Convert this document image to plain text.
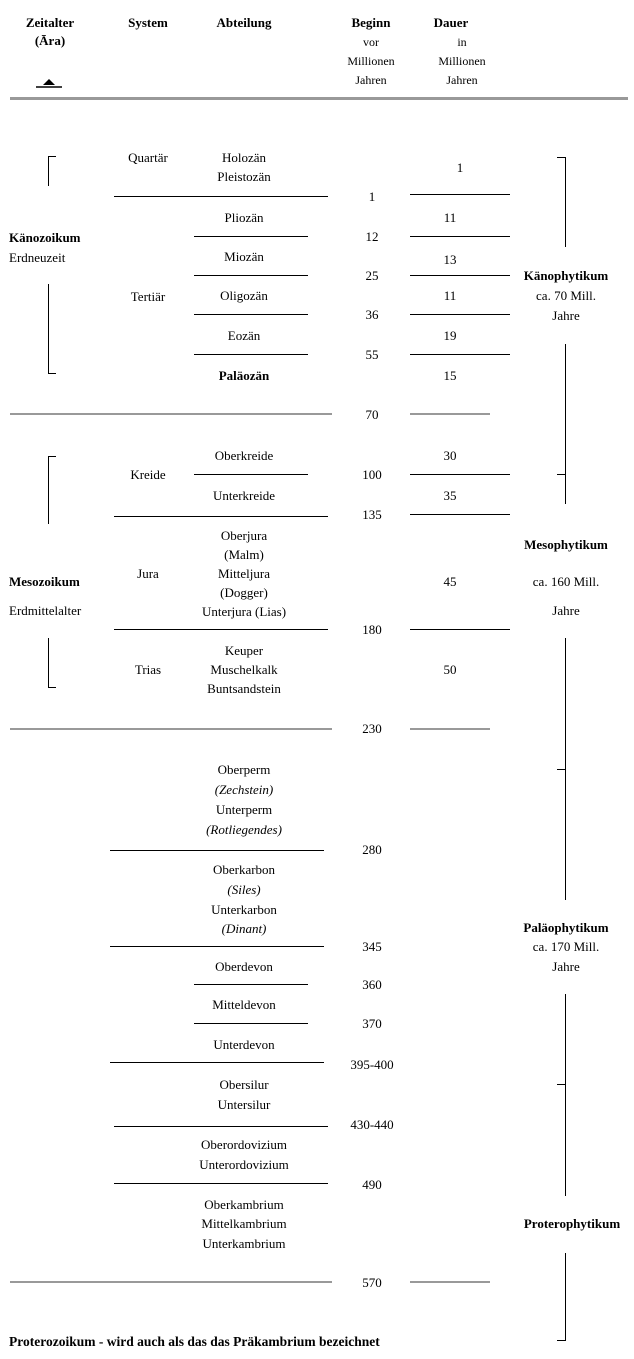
Zeitalter
(Āra)
System	Abteilung	Beginn
vor
Millionen
Jahren
Dauer
in
Millionen
Jahren
Känozoikum
Erdneuzeit
Quartär
Tertiär
Holozän
Pleistozän
Pliozän
Miozän
Oligozän
Eozän
Paläozän
1
12
25
36
55
1
11
13
11
19
15
70
Mesozoikum
Erdmittelalter
Kreide
Jura
Trias
Oberkreide
Unterkreide
Oberjura
(Malm)
Mitteljura
(Dogger)
Unterjura (Lias)
Keuper
Muschelkalk
Buntsandstein
100
135
180
30
35
45
50
230
Oberperm
(Zechstein)
Unterperm
(Rotliegendes)
280
Oberkarbon
(Siles)
Unterkarbon
(Dinant)
345
Oberdevon
360
Mitteldevon
370
Unterdevon
395-400
Obersilur
Untersilur
430-440
Oberordovizium
Unterordovizium
490
Oberkambrium
Mittelkambrium
Unterkambrium
570
Proterozoikum - wird auch als das das Präkambrium bezeichnet
Känophytikum
ca. 70 Mill.
Jahre
Mesophytikum
ca. 160 Mill.
Jahre
Paläophytikum
ca. 170 Mill.
Jahre
Proterophytikum
